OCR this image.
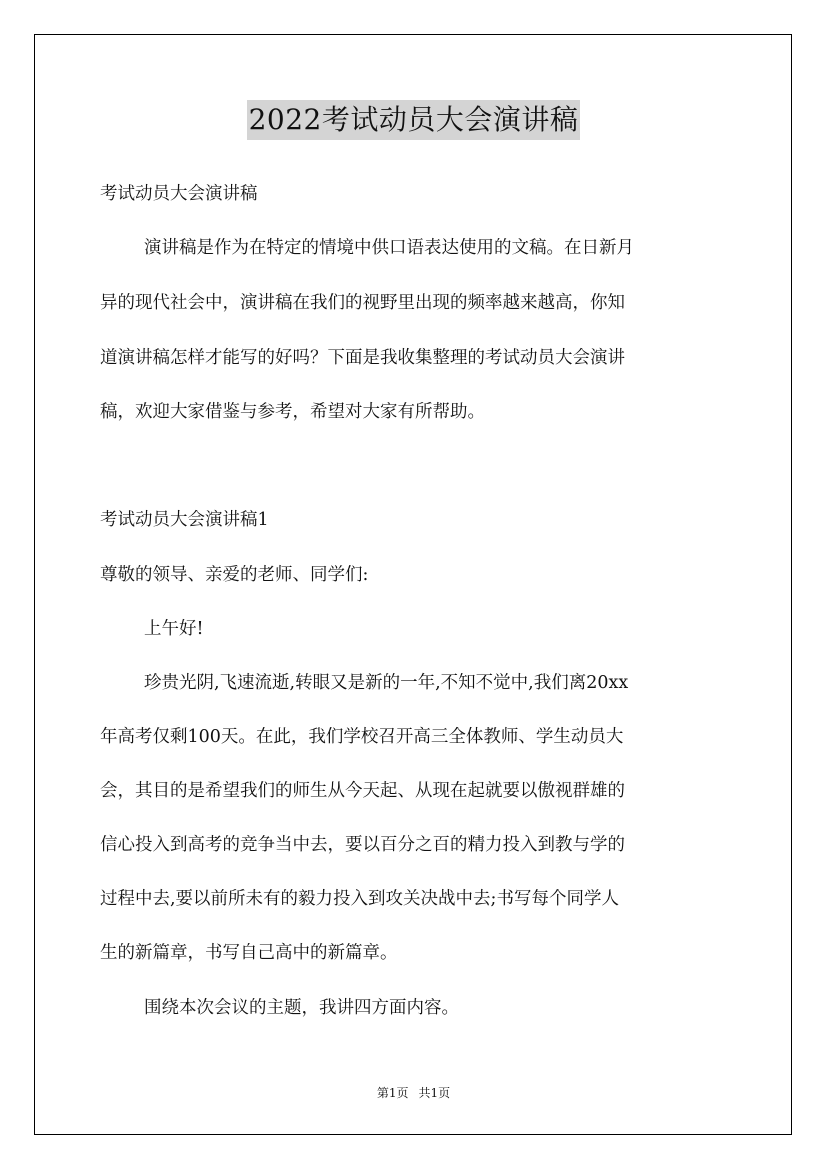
2022考试动员大会演讲稿
考试动员大会演讲稿
演讲稿是作为在特定的情境中供口语表达使用的文稿。在日新月
异的现代社会中，演讲稿在我们的视野里出现的频率越来越高，你知
道演讲稿怎样才能写的好吗？下面是我收集整理的考试动员大会演讲
稿，欢迎大家借鉴与参考，希望对大家有所帮助。
考试动员大会演讲稿1
尊敬的领导、亲爱的老师、同学们:
上午好!
珍贵光阴,飞速流逝,转眼又是新的一年,不知不觉中,我们离20xx
年高考仅剩100天。在此，我们学校召开高三全体教师、学生动员大
会，其目的是希望我们的师生从今天起、从现在起就要以傲视群雄的
信心投入到高考的竞争当中去，要以百分之百的精力投入到教与学的
过程中去,要以前所未有的毅力投入到攻关决战中去;书写每个同学人
生的新篇章，书写自己高中的新篇章。
围绕本次会议的主题，我讲四方面内容。
第1页 共1页
